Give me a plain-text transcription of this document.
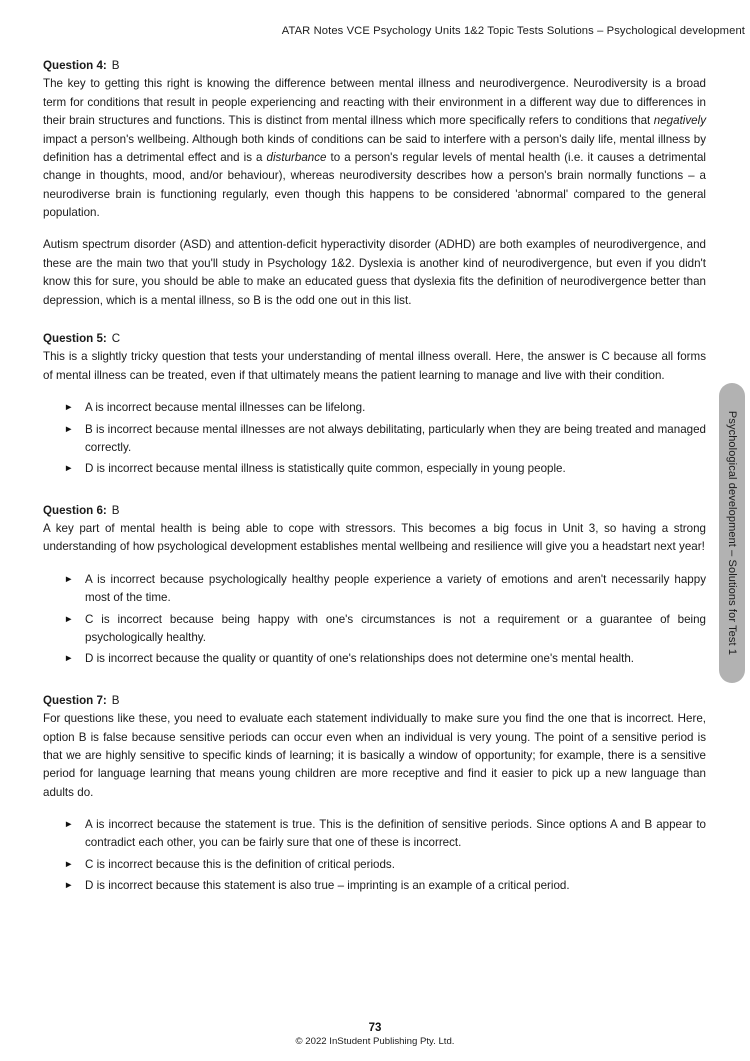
ATAR Notes VCE Psychology Units 1&2 Topic Tests Solutions – Psychological development
Question 4: B

The key to getting this right is knowing the difference between mental illness and neurodivergence. Neurodiversity is a broad term for conditions that result in people experiencing and reacting with their environment in a different way due to differences in their brain structures and functions. This is distinct from mental illness which more specifically refers to conditions that negatively impact a person's wellbeing. Although both kinds of conditions can be said to interfere with a person's daily life, mental illness by definition has a detrimental effect and is a disturbance to a person's regular levels of mental health (i.e. it causes a detrimental change in thoughts, mood, and/or behaviour), whereas neurodiversity describes how a person's brain normally functions – a neurodiverse brain is functioning regularly, even though this happens to be considered 'abnormal' compared to the general population.

Autism spectrum disorder (ASD) and attention-deficit hyperactivity disorder (ADHD) are both examples of neurodivergence, and these are the main two that you'll study in Psychology 1&2. Dyslexia is another kind of neurodivergence, but even if you didn't know this for sure, you should be able to make an educated guess that dyslexia fits the definition of neurodivergence better than depression, which is a mental illness, so B is the odd one out in this list.

Question 5: C

This is a slightly tricky question that tests your understanding of mental illness overall. Here, the answer is C because all forms of mental illness can be treated, even if that ultimately means the patient learning to manage and live with their condition.

► A is incorrect because mental illnesses can be lifelong.
► B is incorrect because mental illnesses are not always debilitating, particularly when they are being treated and managed correctly.
► D is incorrect because mental illness is statistically quite common, especially in young people.
Question 6: B

A key part of mental health is being able to cope with stressors. This becomes a big focus in Unit 3, so having a strong understanding of how psychological development establishes mental wellbeing and resilience will give you a headstart next year!

► A is incorrect because psychologically healthy people experience a variety of emotions and aren't necessarily happy most of the time.
► C is incorrect because being happy with one's circumstances is not a requirement or a guarantee of being psychologically healthy.
► D is incorrect because the quality or quantity of one's relationships does not determine one's mental health.
Question 7: B

For questions like these, you need to evaluate each statement individually to make sure you find the one that is incorrect. Here, option B is false because sensitive periods can occur even when an individual is very young. The point of a sensitive period is that we are highly sensitive to specific kinds of learning; it is basically a window of opportunity; for example, there is a sensitive period for language learning that means young children are more receptive and find it easier to pick up a new language than adults do.

► A is incorrect because the statement is true. This is the definition of sensitive periods. Since options A and B appear to contradict each other, you can be fairly sure that one of these is incorrect.
► C is incorrect because this is the definition of critical periods.
► D is incorrect because this statement is also true – imprinting is an example of a critical period.
Psychological development – Solutions for Test 1
73
© 2022 InStudent Publishing Pty. Ltd.
